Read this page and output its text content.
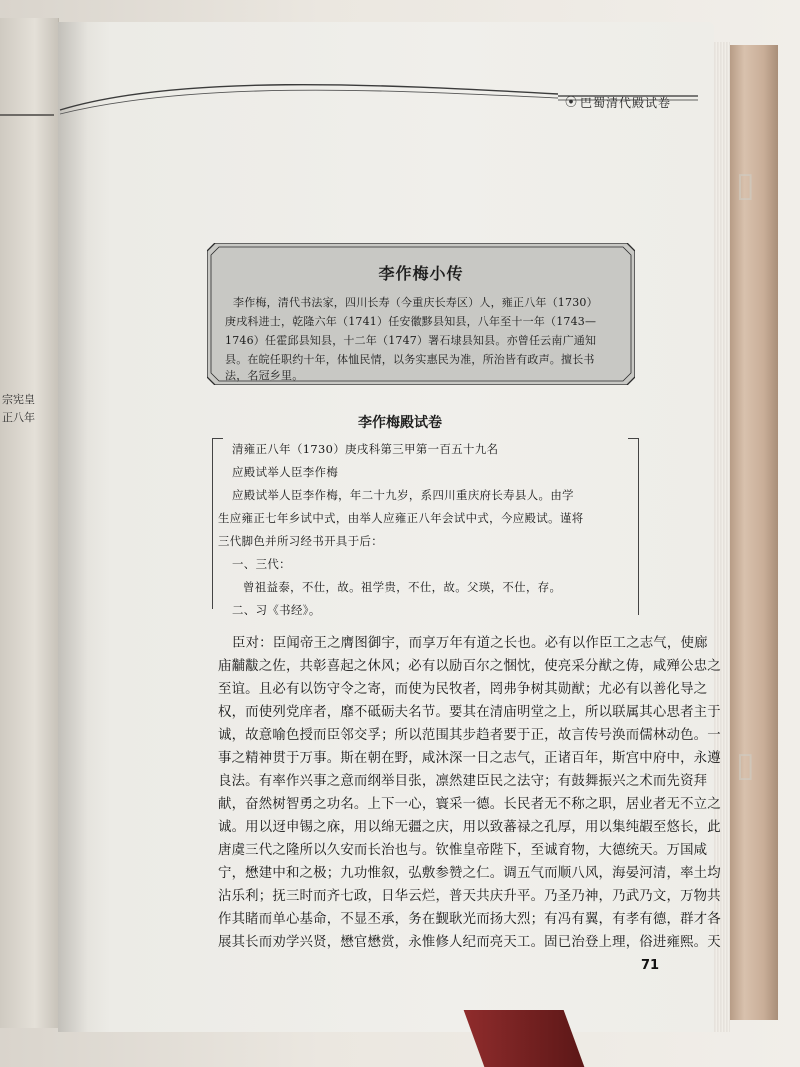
宗宪皇
正八年
▯
▯
⦿ 巴蜀清代殿试卷
李作梅小传
李作梅，清代书法家，四川长寿（今重庆长寿区）人，雍正八年（1730）
庚戌科进士，乾隆六年（1741）任安徽黟县知县，八年至十一年（1743—
1746）任霍邱县知县，十二年（1747）署石埭县知县。亦曾任云南广通知
县。在皖任职约十年，体恤民情，以务实惠民为准，所治皆有政声。擅长书
法，名冠乡里。
李作梅殿试卷
清雍正八年（1730）庚戌科第三甲第一百五十九名
应殿试举人臣李作梅
应殿试举人臣李作梅，年二十九岁，系四川重庆府长寿县人。由学
生应雍正七年乡试中式，由举人应雍正八年会试中式，今应殿试。谨将
三代脚色并所习经书开具于后：
一、三代：
曾祖益泰，不仕，故。祖学贵，不仕，故。父瑛，不仕，存。
二、习《书经》。
臣对：臣闻帝王之膺图御宇，而享万年有道之长也。必有以作臣工之志气，使廊
庙黼黻之佐，共彰喜起之休风；必有以励百尔之悃忱，使亮采分猷之俦，咸殚公忠之
至谊。且必有以饬守令之寄，而使为民牧者，罔弗争树其勋猷；尤必有以善化导之
权，而使列党庠者，靡不砥砺夫名节。要其在清庙明堂之上，所以联属其心思者主于
诚，故意喻色授而臣邻交孚；所以范围其步趋者要于正，故言传号涣而儒林动色。一
事之精神贯于万事。斯在朝在野，咸沐深一日之志气，正诸百年，斯宫中府中，永遵
良法。有率作兴事之意而纲举目张，凛然建臣民之法守；有鼓舞振兴之术而先资拜
献，奋然树智勇之功名。上下一心，寰采一德。长民者无不称之职，居业者无不立之
诚。用以迓申锡之庥，用以绵无疆之庆，用以致蕃禄之孔厚，用以集纯嘏至悠长，此
唐虞三代之隆所以久安而长治也与。钦惟皇帝陛下，至诚育物，大德统天。万国咸
宁，懋建中和之极；九功惟叙，弘敷参赞之仁。调五气而顺八风，海晏河清，率土均
沾乐利；抚三时而齐七政，日华云烂，普天共庆升平。乃圣乃神，乃武乃文，万物共
作其睹而单心基命，不显丕承，务在觐耿光而扬大烈；有冯有翼，有孝有德，群才各
展其长而劝学兴贤，懋官懋赏，永惟修人纪而亮天工。固已治登上理，俗进雍熙。天
71
